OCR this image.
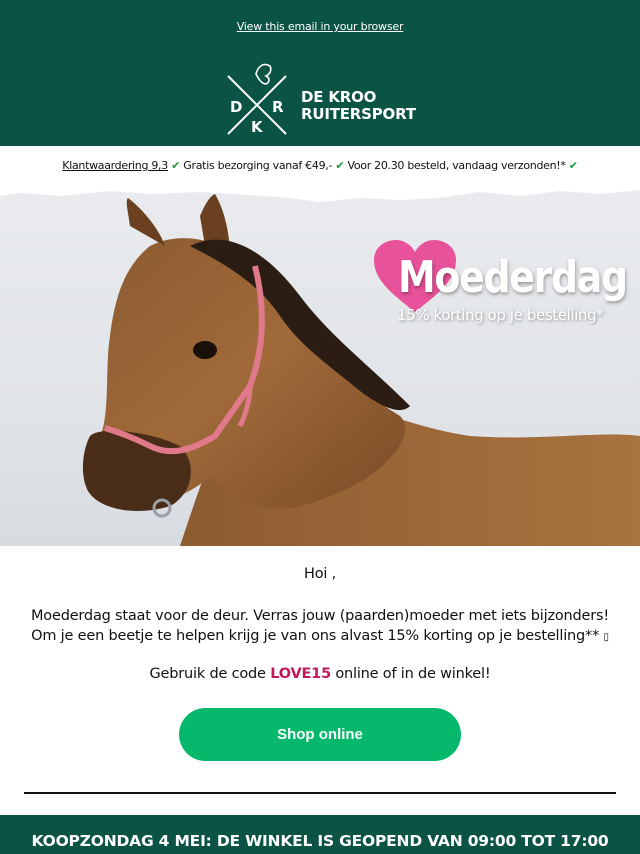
View this email in your browser
D R
K
DE KROO
RUITERSPORT
Klantwaardering 9,3 ✔ Gratis bezorging vanaf €49,- ✔ Voor 20.30 besteld, vandaag verzonden!* ✔
Moederdag
15% korting op je bestelling*
Hoi ,
Moederdag staat voor de deur. Verras jouw (paarden)moeder met iets bijzonders!
Om je een beetje te helpen krijg je van ons alvast 15% korting op je bestelling** ▯
Gebruik de code LOVE15 online of in de winkel!
Shop online
KOOPZONDAG 4 MEI: DE WINKEL IS GEOPEND VAN 09:00 TOT 17:00
